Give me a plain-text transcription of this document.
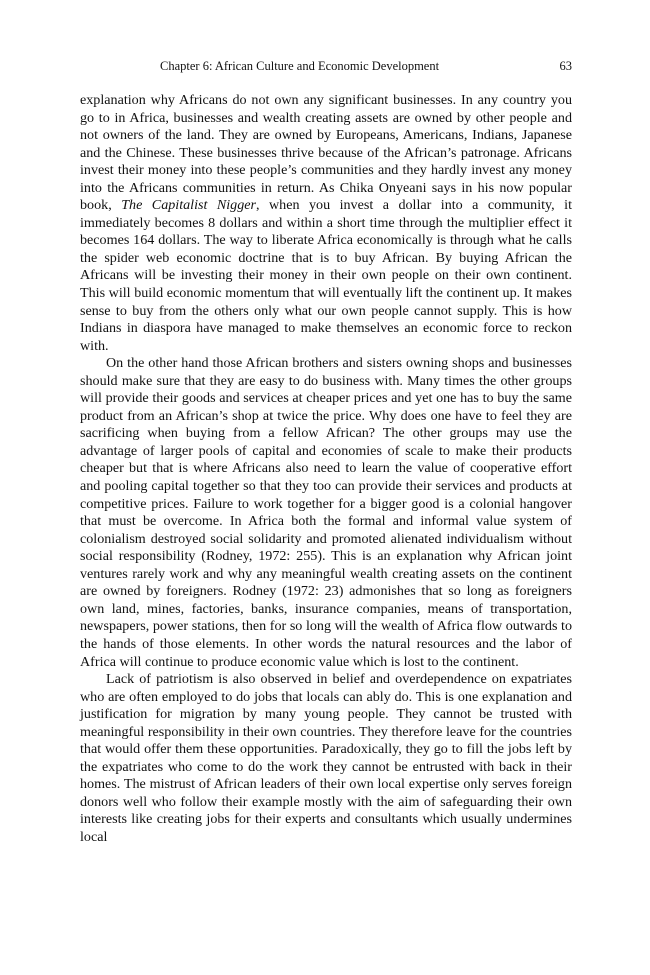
Chapter 6: African Culture and Economic Development	63

explanation why Africans do not own any significant businesses. In any country you go to in Africa, businesses and wealth creating assets are owned by other people and not owners of the land. They are owned by Europeans, Americans, Indians, Japanese and the Chinese. These businesses thrive because of the African’s patronage. Africans invest their money into these people’s communities and they hardly invest any money into the Africans communities in return. As Chika Onyeani says in his now popular book, The Capitalist Nigger, when you invest a dollar into a community, it immediately becomes 8 dollars and within a short time through the multiplier effect it becomes 164 dollars. The way to liberate Africa economically is through what he calls the spider web economic doctrine that is to buy African. By buying African the Africans will be investing their money in their own people on their own continent. This will build economic momentum that will eventually lift the continent up. It makes sense to buy from the others only what our own people cannot supply. This is how Indians in diaspora have managed to make themselves an economic force to reckon with.

On the other hand those African brothers and sisters owning shops and businesses should make sure that they are easy to do business with. Many times the other groups will provide their goods and services at cheaper prices and yet one has to buy the same product from an African’s shop at twice the price. Why does one have to feel they are sacrificing when buying from a fellow African? The other groups may use the advantage of larger pools of capital and economies of scale to make their products cheaper but that is where Africans also need to learn the value of cooperative effort and pooling capital together so that they too can provide their services and products at competitive prices. Failure to work together for a bigger good is a colonial hangover that must be overcome. In Africa both the formal and informal value system of colonialism destroyed social solidarity and promoted alienated individualism without social responsibility (Rodney, 1972: 255). This is an explanation why African joint ventures rarely work and why any meaningful wealth creating assets on the continent are owned by foreigners. Rodney (1972: 23) admonishes that so long as foreigners own land, mines, factories, banks, insurance companies, means of transportation, newspapers, power stations, then for so long will the wealth of Africa flow outwards to the hands of those elements. In other words the natural resources and the labor of Africa will continue to produce economic value which is lost to the continent.

Lack of patriotism is also observed in belief and overdependence on expatriates who are often employed to do jobs that locals can ably do. This is one explanation and justification for migration by many young people. They cannot be trusted with meaningful responsibility in their own countries. They therefore leave for the countries that would offer them these opportunities. Paradoxically, they go to fill the jobs left by the expatriates who come to do the work they cannot be entrusted with back in their homes. The mistrust of African leaders of their own local expertise only serves foreign donors well who follow their example mostly with the aim of safeguarding their own interests like creating jobs for their experts and consultants which usually undermines local
